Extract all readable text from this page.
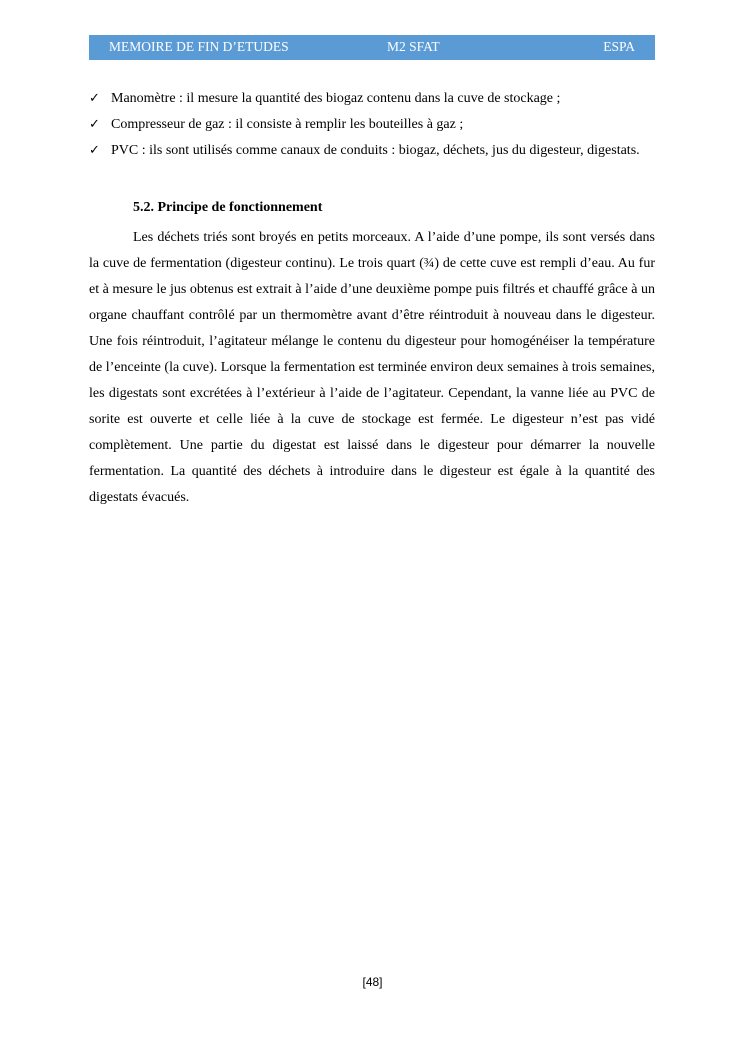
MEMOIRE DE FIN D’ETUDES	M2 SFAT	ESPA
✓ Manomètre : il mesure la quantité des biogaz contenu dans la cuve de stockage ;
✓ Compresseur de gaz : il consiste à remplir les bouteilles à gaz ;
✓ PVC : ils sont utilisés comme canaux de conduits : biogaz, déchets, jus du digesteur, digestats.
5.2. Principe de fonctionnement

Les déchets triés sont broyés en petits morceaux. A l’aide d’une pompe, ils sont versés dans la cuve de fermentation (digesteur continu). Le trois quart (¾) de cette cuve est rempli d’eau. Au fur et à mesure le jus obtenus est extrait à l’aide d’une deuxième pompe puis filtrés et chauffé grâce à un organe chauffant contrôlé par un thermomètre avant d’être réintroduit à nouveau dans le digesteur. Une fois réintroduit, l’agitateur mélange le contenu du digesteur pour homogénéiser la température de l’enceinte (la cuve). Lorsque la fermentation est terminée environ deux semaines à trois semaines, les digestats sont excrétées à l’extérieur à l’aide de l’agitateur. Cependant, la vanne liée au PVC de sorite est ouverte et celle liée à la cuve de stockage est fermée. Le digesteur n’est pas vidé complètement. Une partie du digestat est laissé dans le digesteur pour démarrer la nouvelle fermentation. La quantité des déchets à introduire dans le digesteur est égale à la quantité des digestats évacués.

[48]
